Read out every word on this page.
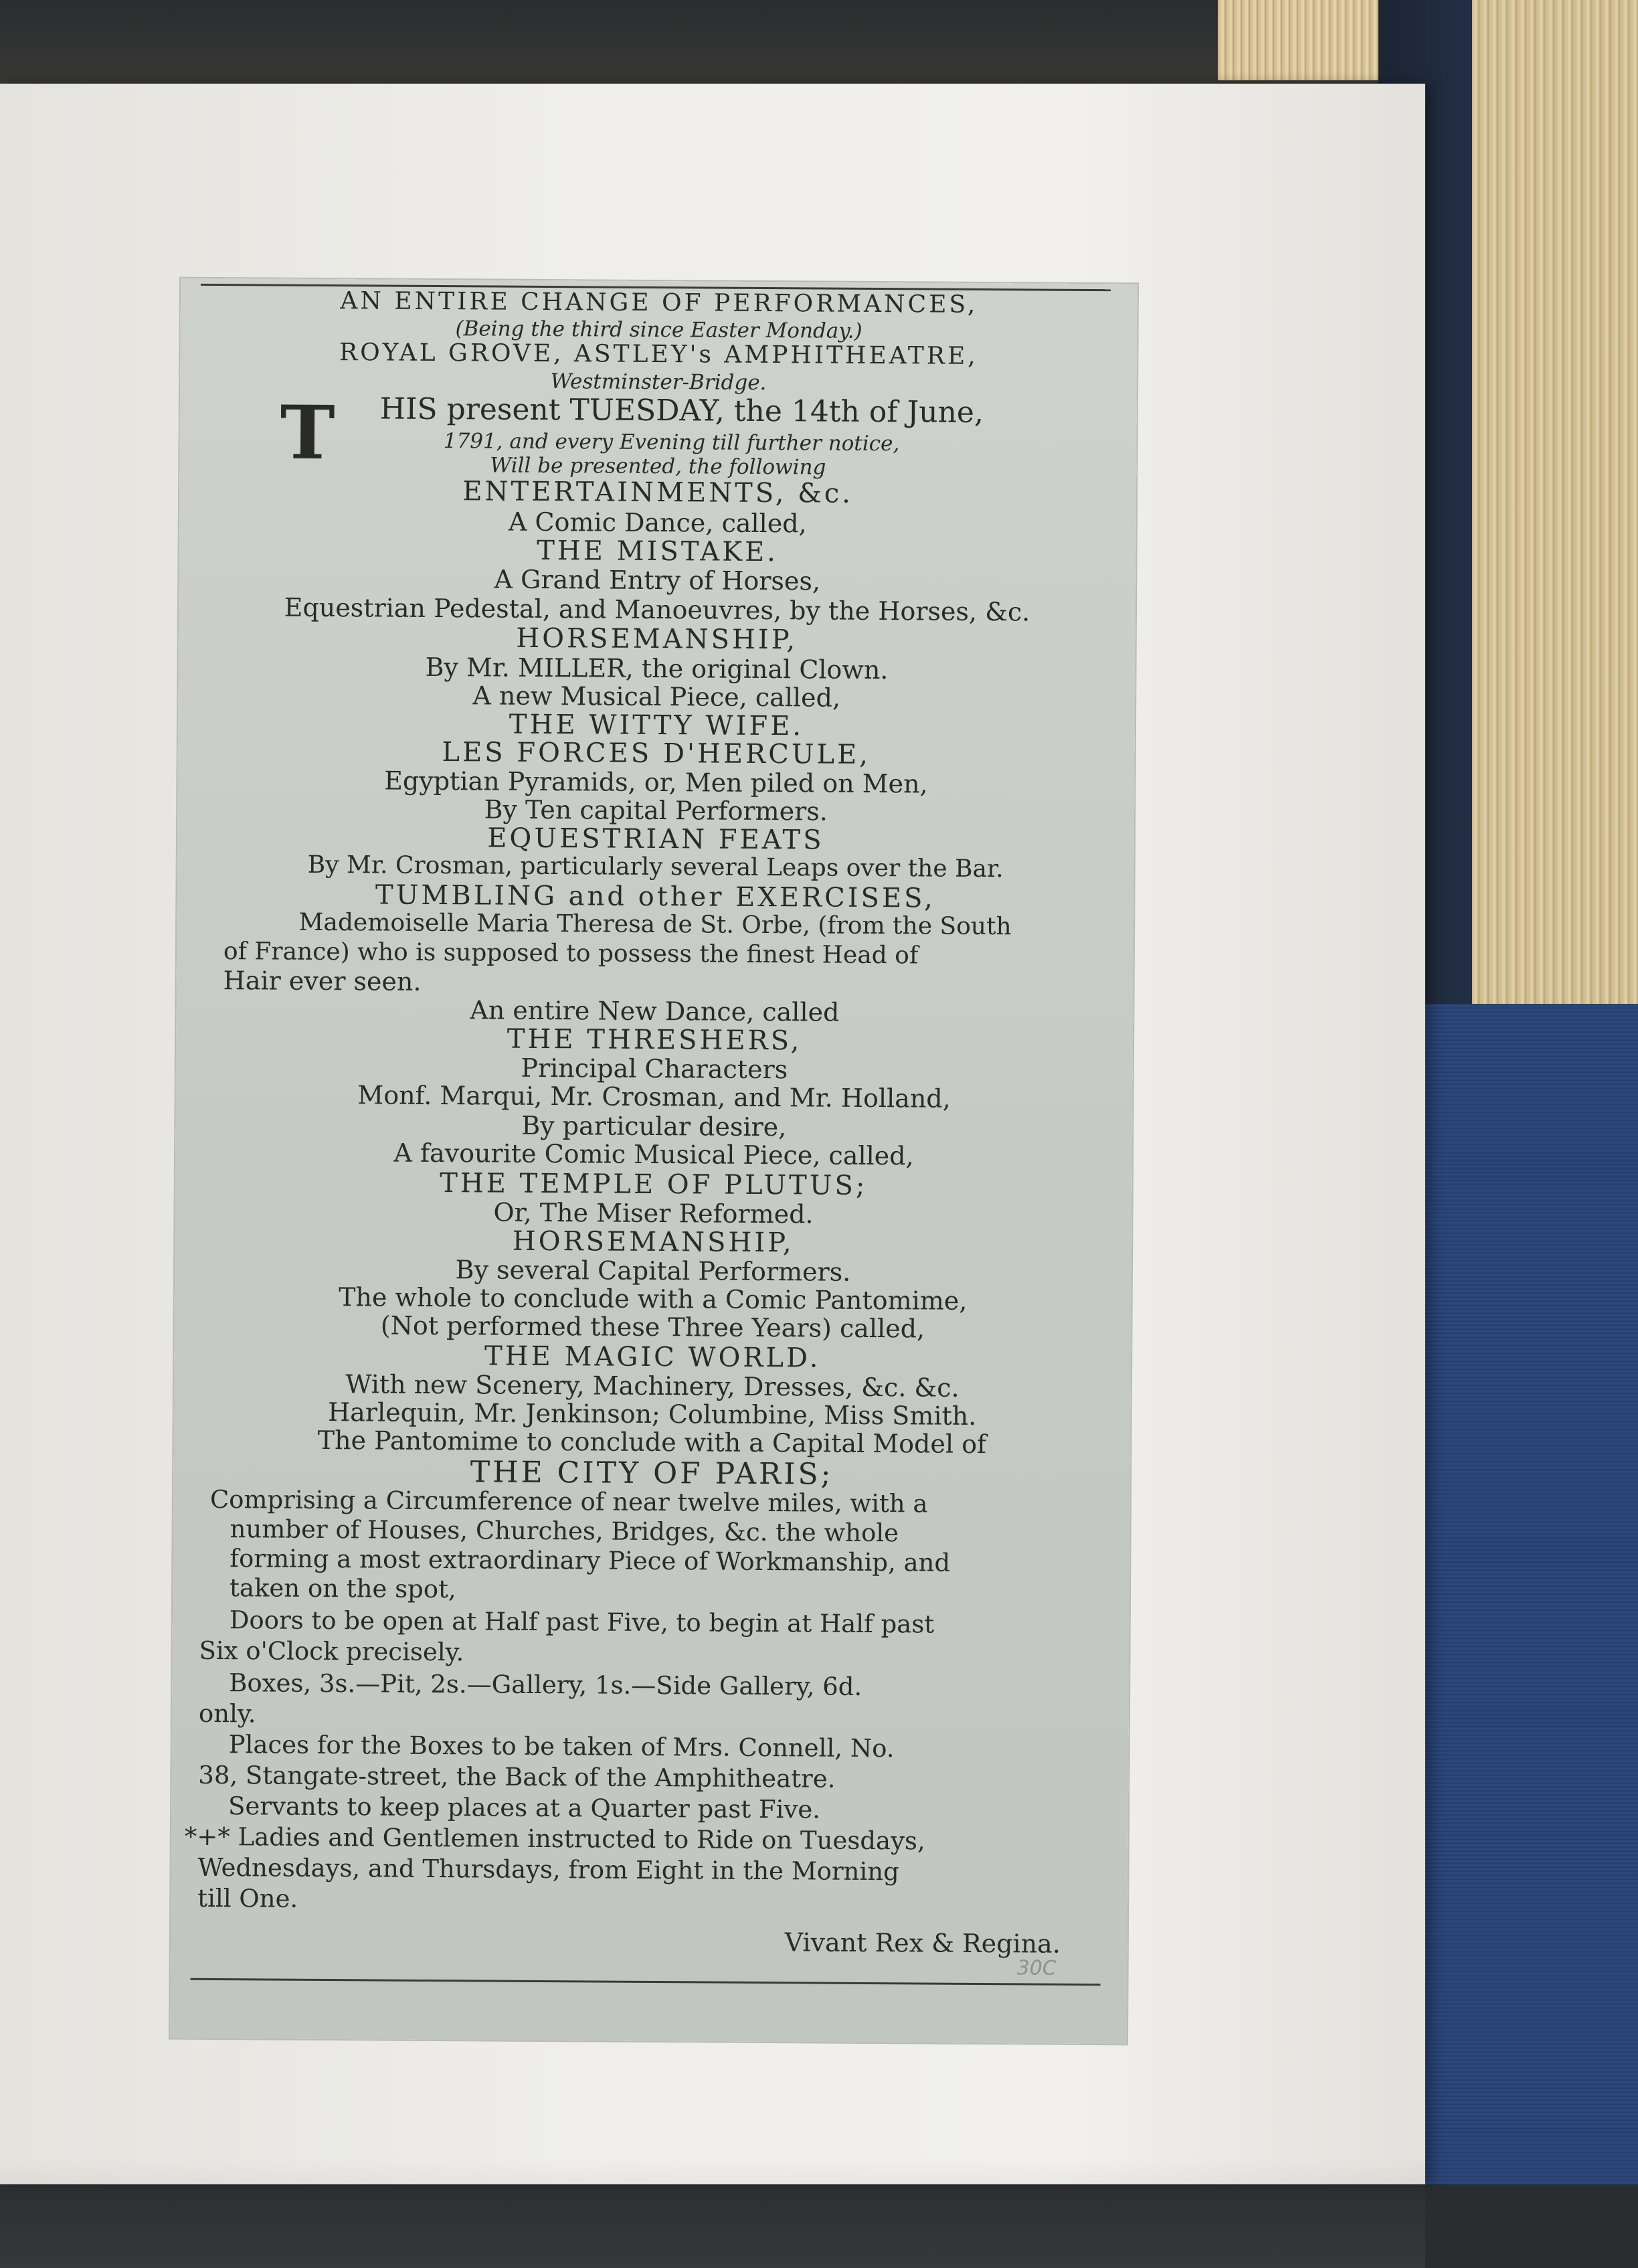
AN ENTIRE CHANGE OF PERFORMANCES,
(Being the third since Easter Monday.)
ROYAL GROVE, ASTLEY's AMPHITHEATRE,
Westminster-Bridge.
T	HIS present TUESDAY, the 14th of June,
1791, and every Evening till further notice,
Will be presented, the following
ENTERTAINMENTS, &c.
A Comic Dance, called,
THE MISTAKE.
A Grand Entry of Horses,
Equestrian Pedestal, and Manoeuvres, by the Horses, &c.
HORSEMANSHIP,
By Mr. MILLER, the original Clown.
A new Musical Piece, called,
THE WITTY WIFE.
LES FORCES D'HERCULE,
Egyptian Pyramids, or, Men piled on Men,
By Ten capital Performers.
EQUESTRIAN FEATS
By Mr. Crosman, particularly several Leaps over the Bar.
TUMBLING and other EXERCISES,
Mademoiselle Maria Theresa de St. Orbe, (from the South
of France) who is supposed to possess the finest Head of
Hair ever seen.
An entire New Dance, called
THE THRESHERS,
Principal Characters
Monf. Marqui, Mr. Crosman, and Mr. Holland,
By particular desire,
A favourite Comic Musical Piece, called,
THE TEMPLE OF PLUTUS;
Or, The Miser Reformed.
HORSEMANSHIP,
By several Capital Performers.
The whole to conclude with a Comic Pantomime,
(Not performed these Three Years) called,
THE MAGIC WORLD.
With new Scenery, Machinery, Dresses, &c. &c.
Harlequin, Mr. Jenkinson; Columbine, Miss Smith.
The Pantomime to conclude with a Capital Model of
THE CITY OF PARIS;
Comprising a Circumference of near twelve miles, with a
number of Houses, Churches, Bridges, &c. the whole
forming a most extraordinary Piece of Workmanship, and
taken on the spot,
Doors to be open at Half past Five, to begin at Half past
Six o'Clock precisely.
Boxes, 3s.—Pit, 2s.—Gallery, 1s.—Side Gallery, 6d.
only.
Places for the Boxes to be taken of Mrs. Connell, No.
38, Stangate-street, the Back of the Amphitheatre.
Servants to keep places at a Quarter past Five.
*+* Ladies and Gentlemen instructed to Ride on Tuesdays,
Wednesdays, and Thursdays, from Eight in the Morning
till One.
Vivant Rex & Regina.
30C
